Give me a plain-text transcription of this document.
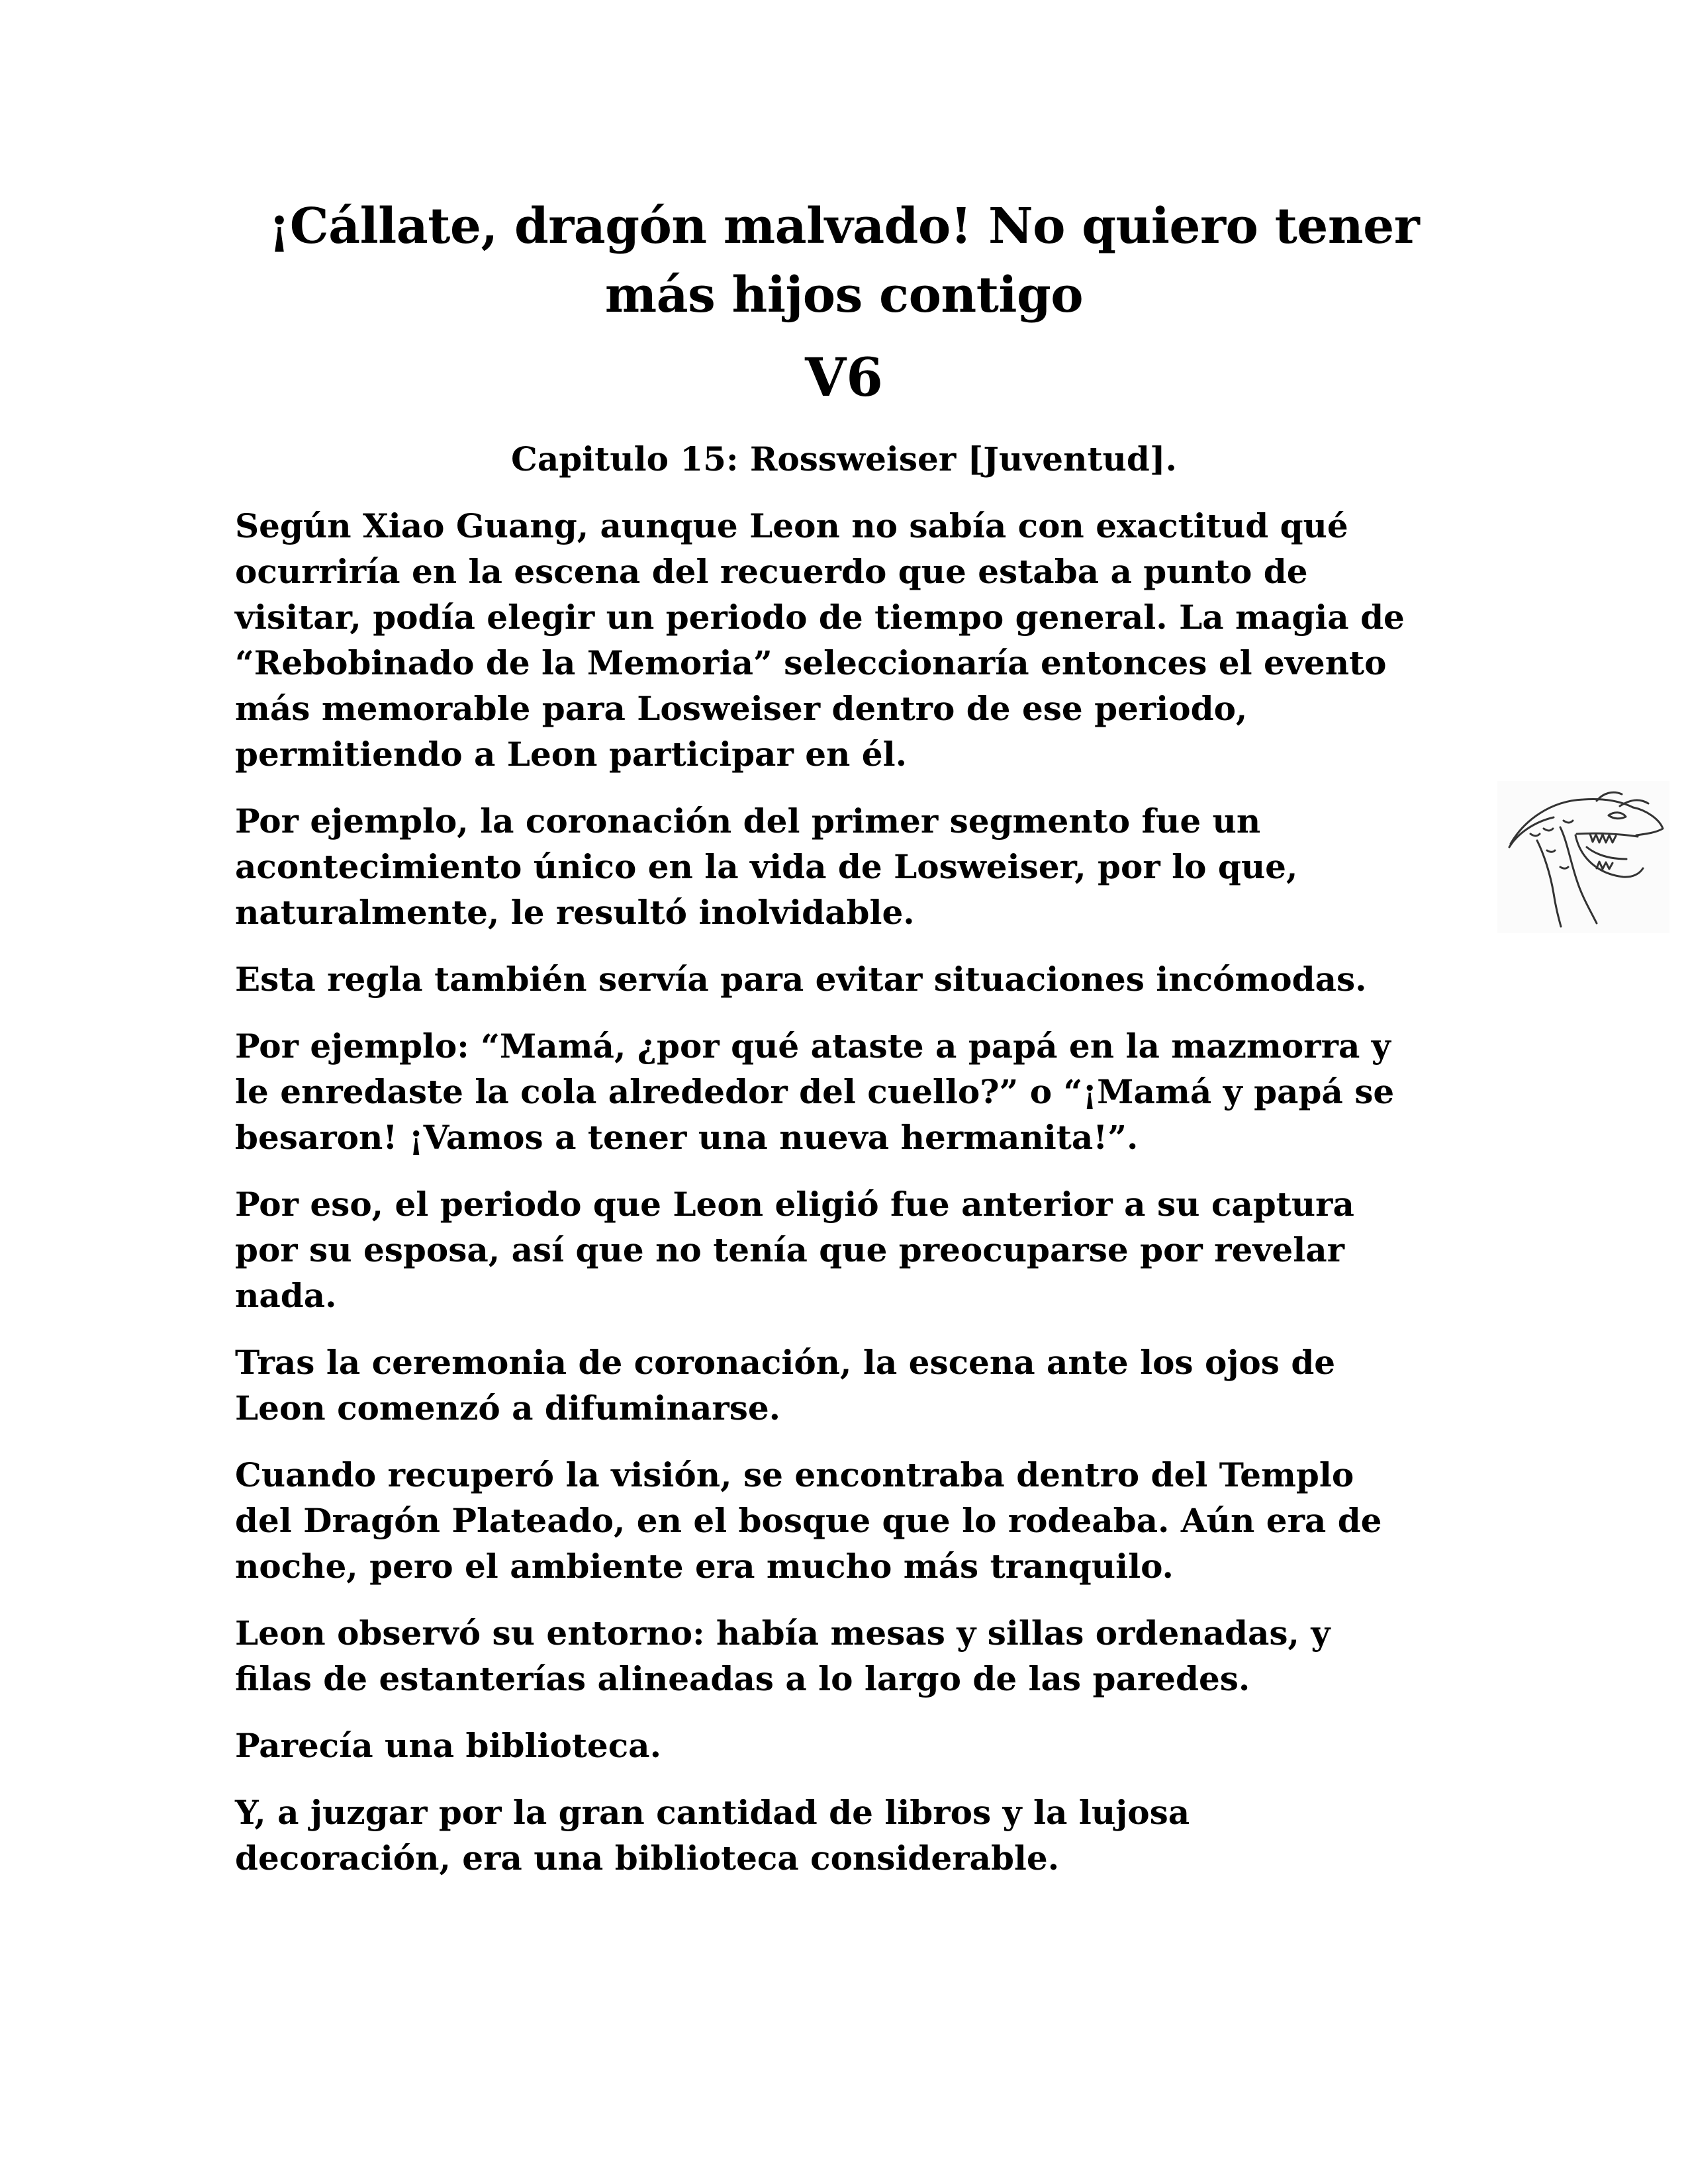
¡Cállate, dragón malvado! No quiero tener
más hijos contigo
V6
Capitulo 15: Rossweiser [Juventud].

Según Xiao Guang, aunque Leon no sabía con exactitud qué
ocurriría en la escena del recuerdo que estaba a punto de
visitar, podía elegir un periodo de tiempo general. La magia de
“Rebobinado de la Memoria” seleccionaría entonces el evento
más memorable para Losweiser dentro de ese periodo,
permitiendo a Leon participar en él.

Por ejemplo, la coronación del primer segmento fue un
acontecimiento único en la vida de Losweiser, por lo que,
naturalmente, le resultó inolvidable.

Esta regla también servía para evitar situaciones incómodas.

Por ejemplo: “Mamá, ¿por qué ataste a papá en la mazmorra y
le enredaste la cola alrededor del cuello?” o “¡Mamá y papá se
besaron! ¡Vamos a tener una nueva hermanita!”.

Por eso, el periodo que Leon eligió fue anterior a su captura
por su esposa, así que no tenía que preocuparse por revelar
nada.

Tras la ceremonia de coronación, la escena ante los ojos de
Leon comenzó a difuminarse.

Cuando recuperó la visión, se encontraba dentro del Templo
del Dragón Plateado, en el bosque que lo rodeaba. Aún era de
noche, pero el ambiente era mucho más tranquilo.

Leon observó su entorno: había mesas y sillas ordenadas, y
filas de estanterías alineadas a lo largo de las paredes.

Parecía una biblioteca.

Y, a juzgar por la gran cantidad de libros y la lujosa
decoración, era una biblioteca considerable.
